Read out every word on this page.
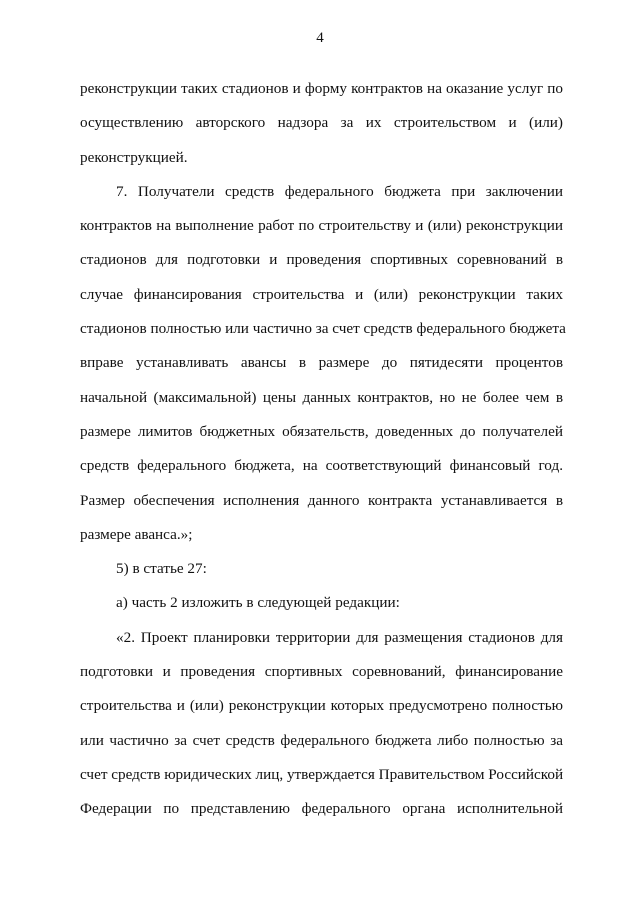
4
реконструкции таких стадионов и форму контрактов на оказание услуг по
осуществлению авторского надзора за их строительством и (или)
реконструкцией.
7. Получатели средств федерального бюджета при заключении
контрактов на выполнение работ по строительству и (или) реконструкции
стадионов для подготовки и проведения спортивных соревнований в
случае финансирования строительства и (или) реконструкции таких
стадионов полностью или частично за счет средств федерального бюджета
вправе устанавливать авансы в размере до пятидесяти процентов
начальной (максимальной) цены данных контрактов, но не более чем в
размере лимитов бюджетных обязательств, доведенных до получателей
средств федерального бюджета, на соответствующий финансовый год.
Размер обеспечения исполнения данного контракта устанавливается в
размере аванса.»;
5) в статье 27:
а) часть 2 изложить в следующей редакции:
«2. Проект планировки территории для размещения стадионов для
подготовки и проведения спортивных соревнований, финансирование
строительства и (или) реконструкции которых предусмотрено полностью
или частично за счет средств федерального бюджета либо полностью за
счет средств юридических лиц, утверждается Правительством Российской
Федерации по представлению федерального органа исполнительной
